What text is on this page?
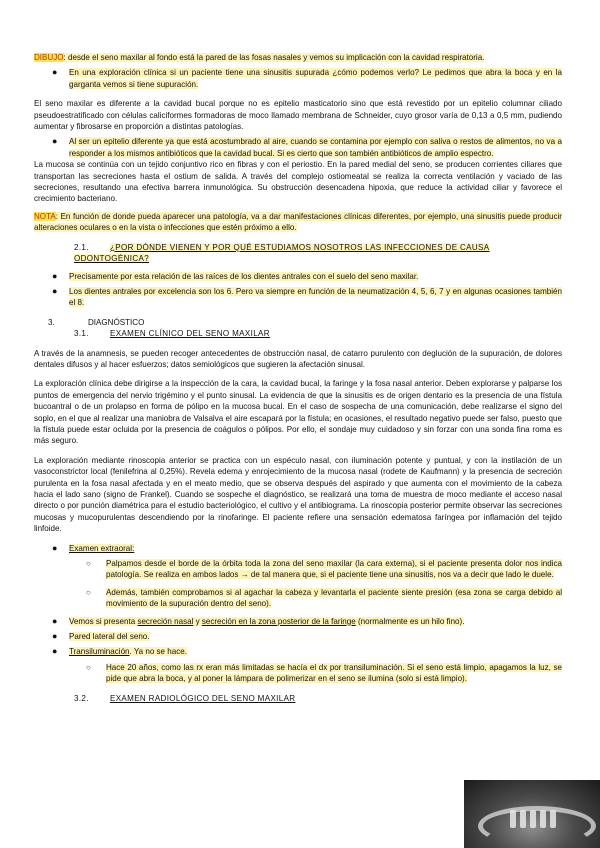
DIBUJO: desde el seno maxilar al fondo está la pared de las fosas nasales y vemos su implicación con la cavidad respiratoria.

● En una exploración clínica si un paciente tiene una sinusitis supurada ¿cómo podemos verlo? Le pedimos que abra la boca y en la garganta vemos si tiene supuración.

El seno maxilar es diferente a la cavidad bucal porque no es epitelio masticatorio sino que está revestido por un epitelio columnar ciliado pseudoestratificado con células caliciformes formadoras de moco llamado membrana de Schneider, cuyo grosor varía de 0,13 a 0,5 mm, pudiendo aumentar y fibrosarse en proporción a distintas patologías.

● Al ser un epitelio diferente ya que está acostumbrado al aire, cuando se contamina por ejemplo con saliva o restos de alimentos, no va a responder a los mismos antibióticos que la cavidad bucal. Si es cierto que son también antibióticos de amplio espectro.

La mucosa se continúa con un tejido conjuntivo rico en fibras y con el periostio. En la pared medial del seno, se producen corrientes ciliares que transportan las secreciones hasta el ostium de salida. A través del complejo ostiomeatal se realiza la correcta ventilación y vaciado de las secreciones, resultando una efectiva barrera inmunológica. Su obstrucción desencadena hipoxia, que reduce la actividad ciliar y favorece el crecimiento bacteriano.

NOTA: En función de donde pueda aparecer una patología, va a dar manifestaciones clínicas diferentes, por ejemplo, una sinusitis puede producir alteraciones oculares o en la vista o infecciones que estén próximo a ello.

2.1.	¿POR DÓNDE VIENEN Y POR QUÉ ESTUDIAMOS NOSOTROS LAS INFECCIONES DE CAUSA ODONTOGÉNICA?
● Precisamente por esta relación de las raíces de los dientes antrales con el suelo del seno maxilar.

● Los dientes antrales por excelencia son los 6. Pero va siempre en función de la neumatización 4, 5, 6, 7 y en algunas ocasiones también el 8.

3.	DIAGNÓSTICO
3.1.	EXAMEN CLÍNICO DEL SENO MAXILAR

A través de la anamnesis, se pueden recoger antecedentes de obstrucción nasal, de catarro purulento con deglución de la supuración, de dolores dentales difusos y al hacer esfuerzos; datos semiológicos que sugieren la afectación sinusal.

La exploración clínica debe dirigirse a la inspección de la cara, la cavidad bucal, la faringe y la fosa nasal anterior. Deben explorarse y palparse los puntos de emergencia del nervio trigémino y el punto sinusal. La evidencia de que la sinusitis es de origen dentario es la presencia de una fístula bucoantral o de un prolapso en forma de pólipo en la mucosa bucal. En el caso de sospecha de una comunicación, debe realizarse el signo del soplo, en el que al realizar una maniobra de Valsalva el aire escapará por la fístula; en ocasiones, el resultado negativo puede ser falso, puesto que la fístula puede estar ocluida por la presencia de coágulos o pólipos. Por ello, el sondaje muy cuidadoso y sin forzar con una sonda fina roma es más seguro.

La exploración mediante rinoscopia anterior se practica con un espéculo nasal, con iluminación potente y puntual, y con la instilación de un vasoconstrictor local (fenilefrina al 0,25%). Revela edema y enrojecimiento de la mucosa nasal (rodete de Kaufmann) y la presencia de secreción purulenta en la fosa nasal afectada y en el meato medio, que se observa después del aspirado y que aumenta con el movimiento de la cabeza hacia el lado sano (signo de Frankel). Cuando se sospeche el diagnóstico, se realizará una toma de muestra de moco mediante el acceso nasal directo o por punción diamétrica para el estudio bacteriológico, el cultivo y el antibiograma. La rinoscopia posterior permite observar las secreciones mucosas y mucopurulentas descendiendo por la rinofaringe. El paciente refiere una sensación edematosa faríngea por inflamación del tejido linfoide.

● Examen extraoral:

○ Palpamos desde el borde de la órbita toda la zona del seno maxilar (la cara externa), si el paciente presenta dolor nos indica patología. Se realiza en ambos lados → de tal manera que, si el paciente tiene una sinusitis, nos va a decir que lado le duele.

○ Además, también comprobamos si al agachar la cabeza y levantarla el paciente siente presión (esa zona se carga debido al movimiento de la supuración dentro del seno).

● Vemos si presenta secreción nasal y secreción en la zona posterior de la faringe (normalmente es un hilo fino).

● Pared lateral del seno.

● Transiluminación. Ya no se hace.

○ Hace 20 años, como las rx eran más limitadas se hacía el dx por transiluminación. Si el seno está limpio, apagamos la luz, se pide que abra la boca, y al poner la lámpara de polimerizar en el seno se ilumina (solo si está limpio).

3.2.	EXAMEN RADIOLÓGICO DEL SENO MAXILAR
